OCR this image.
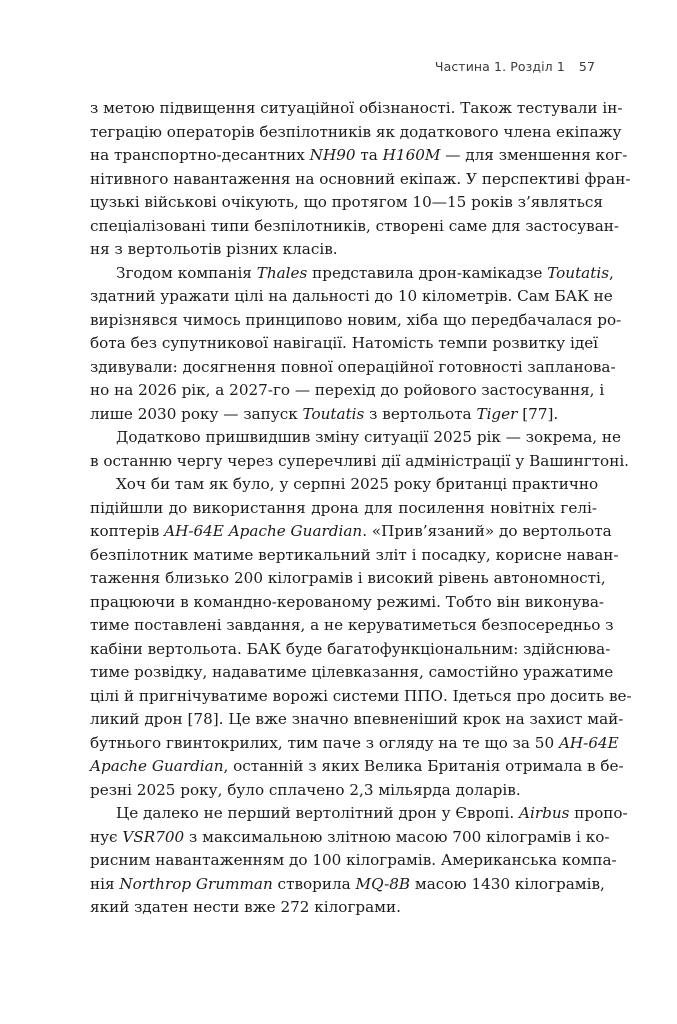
Частина 1. Розділ 1 57
з метою підвищення ситуаційної обізнаності. Також тестували ін-
теграцію операторів безпілотників як додаткового члена екіпажу
на транспортно-десантних NH90 та H160M — для зменшення ког-
нітивного навантаження на основний екіпаж. У перспективі фран-
цузькі військові очікують, що протягом 10—15 років з’являться
спеціалізовані типи безпілотників, створені саме для застосуван-
ня з вертольотів різних класів.
Згодом компанія Thales представила дрон-камікадзе Toutatis,
здатний уражати цілі на дальності до 10 кілометрів. Сам БАК не
вирізнявся чимось принципово новим, хіба що передбачалася ро-
бота без супутникової навігації. Натомість темпи розвитку ідеї
здивували: досягнення повної операційної готовності заплановa-
но на 2026 рік, а 2027-го — перехід до ройового застосування, і
лише 2030 року — запуск Toutatis з вертольота Tiger [77].
Додатково пришвидшив зміну ситуації 2025 рік — зокрема, не
в останню чергу через суперечливі дії адміністрації у Вашингтоні.
Хоч би там як було, у серпні 2025 року британці практично
підійшли до використання дрона для посилення новітніх гелі-
коптерів AH-64E Apache Guardian. «Прив’язаний» до вертольота
безпілотник матиме вертикальний зліт і посадку, корисне нaван-
таження близько 200 кілограмів і високий рівень автономності,
працюючи в командно-керованому режимі. Тобто він виконува-
тиме поставлені завдання, а не керуватиметься безпосередньо з
кабіни вертольота. БАК буде багатофункціональним: здійснюва-
тиме розвідку, надаватиме цілевказання, самостійно уражатиме
цілі й пригнічуватиме ворожі системи ППО. Ідеться про досить ве-
ликий дрон [78]. Це вже значно впевненіший крок на захист май-
бутнього гвинтокрилих, тим паче з огляду на те що за 50 AH-64E
Apache Guardian, останній з яких Велика Британія отримала в бе-
резні 2025 року, було сплачено 2,3 мільярда доларів.
Це далеко не перший вертолітний дрон у Європі. Airbus пропо-
нує VSR700 з максимальною злітною масою 700 кілограмів і ко-
рисним навантаженням до 100 кілограмів. Американська компа-
нія Northrop Grumman створила MQ-8B масою 1430 кілограмів,
який здатен нести вже 272 кілограми.
